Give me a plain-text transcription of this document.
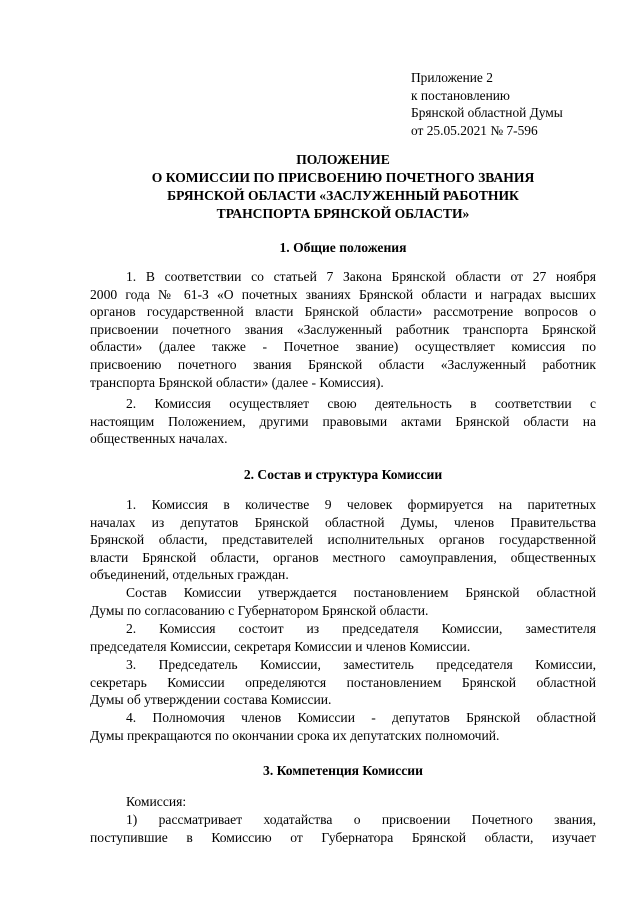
Приложение 2
к постановлению
Брянской областной Думы
от 25.05.2021 № 7-596
ПОЛОЖЕНИЕ
О КОМИССИИ ПО ПРИСВОЕНИЮ ПОЧЕТНОГО ЗВАНИЯ
БРЯНСКОЙ ОБЛАСТИ «ЗАСЛУЖЕННЫЙ РАБОТНИК
ТРАНСПОРТА БРЯНСКОЙ ОБЛАСТИ»
1. Общие положения
1. В соответствии со статьей 7 Закона Брянской области от 27 ноября
2000 года № 61-З «О почетных званиях Брянской области и наградах высших
органов государственной власти Брянской области» рассмотрение вопросов о
присвоении почетного звания «Заслуженный работник транспорта Брянской
области» (далее также - Почетное звание) осуществляет комиссия по
присвоению почетного звания Брянской области «Заслуженный работник
транспорта Брянской области» (далее - Комиссия).
2. Комиссия осуществляет свою деятельность в соответствии с
настоящим Положением, другими правовыми актами Брянской области на
общественных началах.
2. Состав и структура Комиссии
1. Комиссия в количестве 9 человек формируется на паритетных
началах из депутатов Брянской областной Думы, членов Правительства
Брянской области, представителей исполнительных органов государственной
власти Брянской области, органов местного самоуправления, общественных
объединений, отдельных граждан.
Состав Комиссии утверждается постановлением Брянской областной
Думы по согласованию с Губернатором Брянской области.
2. Комиссия состоит из председателя Комиссии, заместителя
председателя Комиссии, секретаря Комиссии и членов Комиссии.
3. Председатель Комиссии, заместитель председателя Комиссии,
секретарь Комиссии определяются постановлением Брянской областной
Думы об утверждении состава Комиссии.
4. Полномочия членов Комиссии - депутатов Брянской областной
Думы прекращаются по окончании срока их депутатских полномочий.
3. Компетенция Комиссии
Комиссия:
1) рассматривает ходатайства о присвоении Почетного звания,
поступившие в Комиссию от Губернатора Брянской области, изучает
